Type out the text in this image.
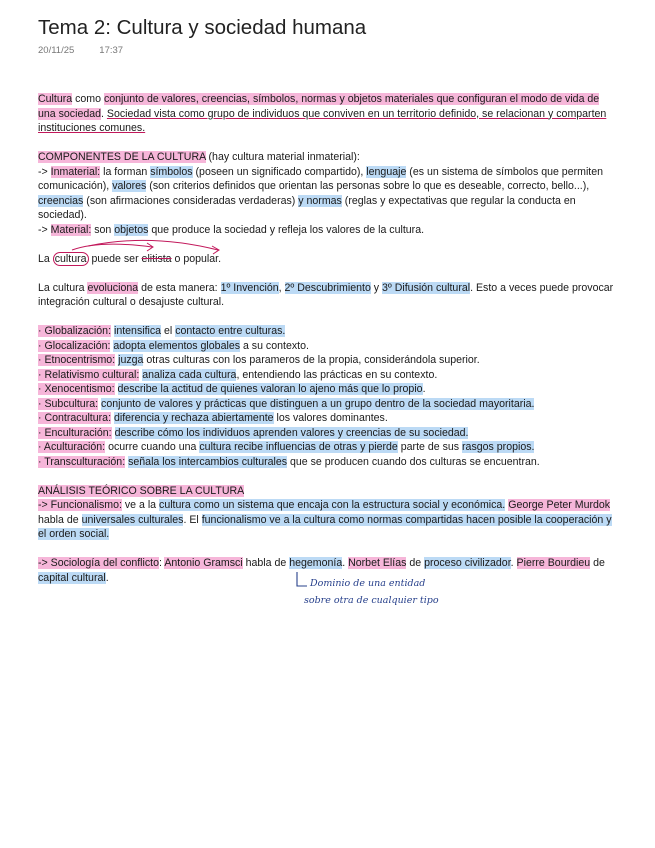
Tema 2: Cultura y sociedad humana
20/11/25	17:37

Cultura como conjunto de valores, creencias, símbolos, normas y objetos materiales que configuran el modo de vida de una sociedad. Sociedad vista como grupo de individuos que conviven en un territorio definido, se relacionan y comparten instituciones comunes.

COMPONENTES DE LA CULTURA (hay cultura material inmaterial):

-> Inmaterial: la forman símbolos (poseen un significado compartido), lenguaje (es un sistema de símbolos que permiten comunicación), valores (son criterios definidos que orientan las personas sobre lo que es deseable, correcto, bello...), creencias (son afirmaciones consideradas verdaderas) y normas (reglas y expectativas que regular la conducta en sociedad).

-> Material: son objetos que produce la sociedad y refleja los valores de la cultura.

La cultura puede ser elitista o popular.

La cultura evoluciona de esta manera: 1º Invención, 2º Descubrimiento y 3º Difusión cultural. Esto a veces puede provocar integración cultural o desajuste cultural.

· Globalización: intensifica el contacto entre culturas.

· Glocalización: adopta elementos globales a su contexto.

· Etnocentrismo: juzga otras culturas con los parameros de la propia, considerándola superior.

· Relativismo cultural: analiza cada cultura, entendiendo las prácticas en su contexto.

· Xenocentismo: describe la actitud de quienes valoran lo ajeno más que lo propio.

· Subcultura: conjunto de valores y prácticas que distinguen a un grupo dentro de la sociedad mayoritaria.

· Contracultura: diferencia y rechaza abiertamente los valores dominantes.

· Enculturación: describe cómo los individuos aprenden valores y creencias de su sociedad.

· Aculturación: ocurre cuando una cultura recibe influencias de otras y pierde parte de sus rasgos propios.

· Transculturación: señala los intercambios culturales que se producen cuando dos culturas se encuentran.

ANÁLISIS TEÓRICO SOBRE LA CULTURA

-> Funcionalismo: ve a la cultura como un sistema que encaja con la estructura social y económica. George Peter Murdok habla de universales culturales. El funcionalismo ve a la cultura como normas compartidas hacen posible la cooperación y el orden social.

-> Sociología del conflicto: Antonio Gramsci habla de hegemonía. Norbet Elías de proceso civilizador. Pierre Bourdieu de capital cultural.	Dominio de una entidad
sobre otra de cualquier tipo
